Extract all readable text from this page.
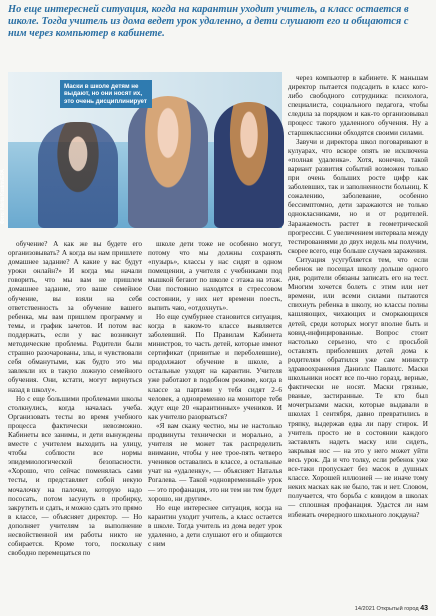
Но еще интересней ситуация, когда на карантин уходит учитель, а класс остается в школе. Тогда учитель из дома ведет урок удаленно, а дети слушают его и общаются с ним через компьютер в кабинете.
Маски в школе детям не выдают, но они носят их, это очень дисциплинирует
Фото: Nikita Kostrin/EPA

обучение? А как же вы будете его организовывать? А когда вы нам пришлете домашнее задание? А какие у вас будут уроки онлайн?» И когда мы начали говорить, что мы вам не пришлем домашнее задание, это ваше семейное обучение, вы взяли на себя ответственность за обучение вашего ребенка, мы вам пришлем программу и темы, и график зачетов. И потом вас поддержать, если у вас возникнут методические проблемы. Родители были страшно разочарованы, злы, и чувствовали себя обманутыми, как будто это мы завлекли их в такую ложную семейного обучения. Они, кстати, могут вернуться назад в школу».

Но с еще большими проблемами школы столкнулись, когда началась учеба. Организовать тесты во время учебного процесса фактически невозможно. Кабинеты все занимы, и дети вынуждены вместе с учителем выходить на улицу, чтобы соблюсти все нормы эпидемиологической безопасности. «Хорошо, что сейчас поменялась сами тесты, и представляет собой некую мочалочку на палочке, которую надо пососать, потом засунуть в пробирку, закрутить и сдать, и можно сдать это прямо в классе, — объясняет директор. — Но дополняет учителям за выполнение несвойственной им работы никто не собирается. Кроме того, поскольку свободно перемещаться по

школе дети тоже не особенно могут, потому что мы должны сохранять «пузырь», классы у нас сидят в одном помещении, а учителя с учебниками под мышкой бегают по школе с этажа на этаж. Они постоянно находятся в стрессовом состоянии, у них нет времени поесть, выпить чаю, «отдохнуть».

Но еще сумбурнее становится ситуация, когда в каком-то классе выявляется заболевший. По Правилам Кабинета министров, то часть детей, которые имеют сертификат (привитые и переболевшие), продолжают обучение в школе, а остальные уходят на карантин. Учителя уже работают в подобном режиме, когда в классе за партами у тебя сидят 2–6 человек, а одновременно на мониторе тебя ждут еще 20 «карантинных» учеников. И как учителю разорваться?

«Я вам скажу честно, мы не настолько продвинуты технически и морально, а учителя не может так распределить внимание, чтобы у нее трое-пять четверо учеников оставались в классе, а остальные учат на «удаленку», — объясняет Наталья Рогалева. — Такой «одновременный» урок — это профанация, это ни тем ни тем будет хорошо, ни другим».

Но еще интереснее ситуация, когда на карантин уходит учитель, а класс остается в школе. Тогда учитель из дома ведет урок удаленно, а дети слушают его и общаются с ним

через компьютер в кабинете. К маньшам директор пытается подсадить в класс кого-либо свободного сотрудника: психолога, специалиста, социального педагога, чтобы следила за порядком и как-то организовывал процесс такого удаленного обучения. Ну а старшеклассники обходятся своими силами.

Завучи и директора школ поговаривают в кулуарах, что вскоре опять не исключена «полная удаленка». Хотя, конечно, такой вариант развития событий возможен только при очень больших росте цифр как заболевших, так и заполненности больниц. К сожалению, заболевание, особенно бессимптомно, дети заражаются не только однокласниками, но и от родителей. Заражаемость растет в геометрической прогрессии. С увеличением интервала между тестированиями до двух недель мы получим, скорее всего, еще больше случаев заражения.

Ситуация усугубляется тем, что если ребенок не посещал школу дольше одного дня, родители обязаны записать его на тест. Многим хочется болеть с этим или нет времени, или всеми силами пытаются спихнуть ребенка в школу, но классы полны кашляющих, чихающих и сморкающихся детей, среди которых могут вполне быть и ковид-инфицированные. Вопрос стоит настолько серьезно, что с просьбой оставлять приболевших детей дома к родителям обратился уже сам министр здравоохранения Даниэлс Павлютс. Маски школьники носят все по-чно горазд, верные, фактически не носят. Маски грязные, рваные, застиранные. Те кто был мочегрызами маски, которые выдавали в школах 1 сентября, давно превратились в тряпку, выдержав едва ли пару стирок. И учитель просто не в состоянии каждого заставлять надеть маску или сидеть, закрывая нос — на это у него может уйти весь урок. Да и что толку, если ребенок уже все-таки пропускает без масок в душных классе. Хорошей иллюзией — не иначе тому неких масках как не было, так и нет. Словом, получается, что борьба с ковидом в школах — сплошная профанация. Удастся ли нам избежать очередного школьного локдауна?

14/2021 Открытый город 43
